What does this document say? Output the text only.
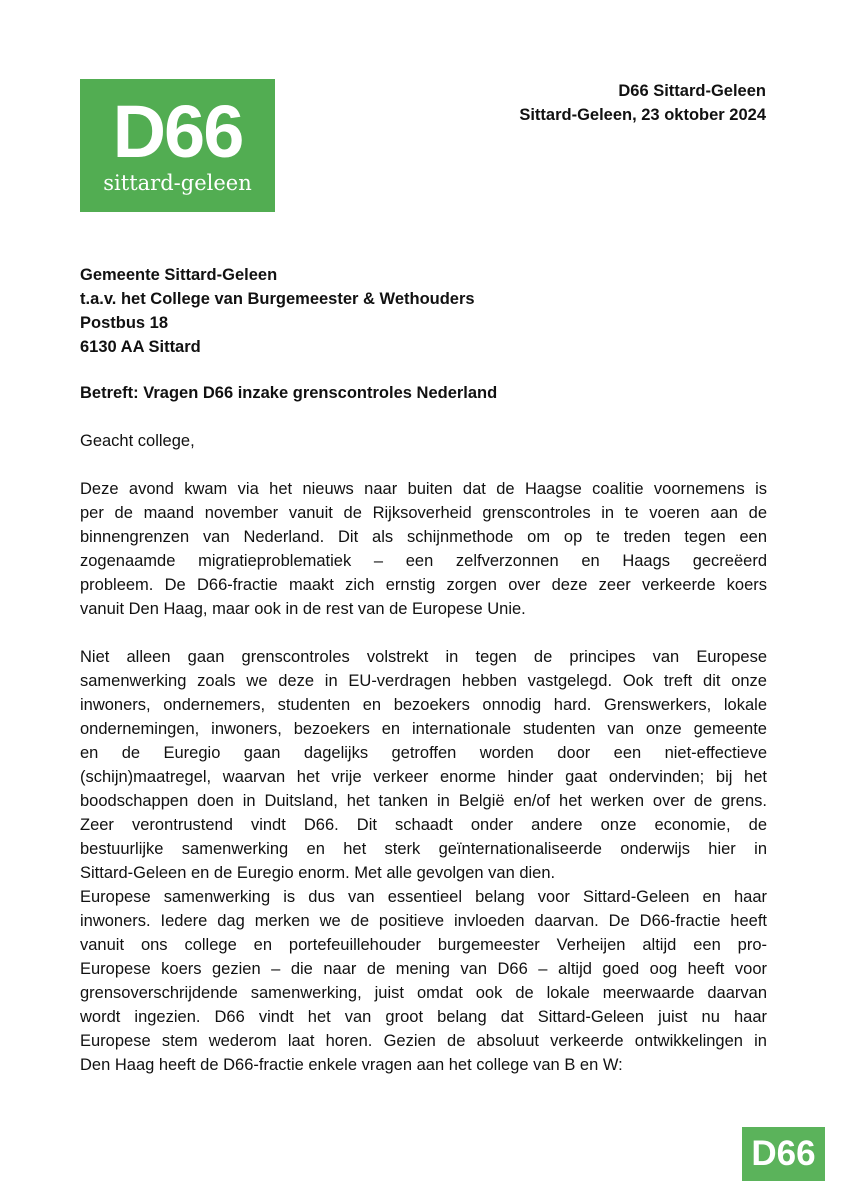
D66
sittard-geleen
D66 Sittard-Geleen
Sittard-Geleen, 23 oktober 2024
Gemeente Sittard-Geleen
t.a.v. het College van Burgemeester & Wethouders
Postbus 18
6130 AA Sittard
Betreft: Vragen D66 inzake grenscontroles Nederland
Geacht college,
Deze avond kwam via het nieuws naar buiten dat de Haagse coalitie voornemens is
per de maand november vanuit de Rijksoverheid grenscontroles in te voeren aan de
binnengrenzen van Nederland. Dit als schijnmethode om op te treden tegen een
zogenaamde migratieproblematiek – een zelfverzonnen en Haags gecreëerd
probleem. De D66-fractie maakt zich ernstig zorgen over deze zeer verkeerde koers
vanuit Den Haag, maar ook in de rest van de Europese Unie.
Niet alleen gaan grenscontroles volstrekt in tegen de principes van Europese
samenwerking zoals we deze in EU-verdragen hebben vastgelegd. Ook treft dit onze
inwoners, ondernemers, studenten en bezoekers onnodig hard. Grenswerkers, lokale
ondernemingen, inwoners, bezoekers en internationale studenten van onze gemeente
en de Euregio gaan dagelijks getroffen worden door een niet-effectieve
(schijn)maatregel, waarvan het vrije verkeer enorme hinder gaat ondervinden; bij het
boodschappen doen in Duitsland, het tanken in België en/of het werken over de grens.
Zeer verontrustend vindt D66. Dit schaadt onder andere onze economie, de
bestuurlijke samenwerking en het sterk geïnternationaliseerde onderwijs hier in
Sittard-Geleen en de Euregio enorm. Met alle gevolgen van dien.
Europese samenwerking is dus van essentieel belang voor Sittard-Geleen en haar
inwoners. Iedere dag merken we de positieve invloeden daarvan. De D66-fractie heeft
vanuit ons college en portefeuillehouder burgemeester Verheijen altijd een pro-
Europese koers gezien – die naar de mening van D66 – altijd goed oog heeft voor
grensoverschrijdende samenwerking, juist omdat ook de lokale meerwaarde daarvan
wordt ingezien. D66 vindt het van groot belang dat Sittard-Geleen juist nu haar
Europese stem wederom laat horen. Gezien de absoluut verkeerde ontwikkelingen in
Den Haag heeft de D66-fractie enkele vragen aan het college van B en W:
D66
